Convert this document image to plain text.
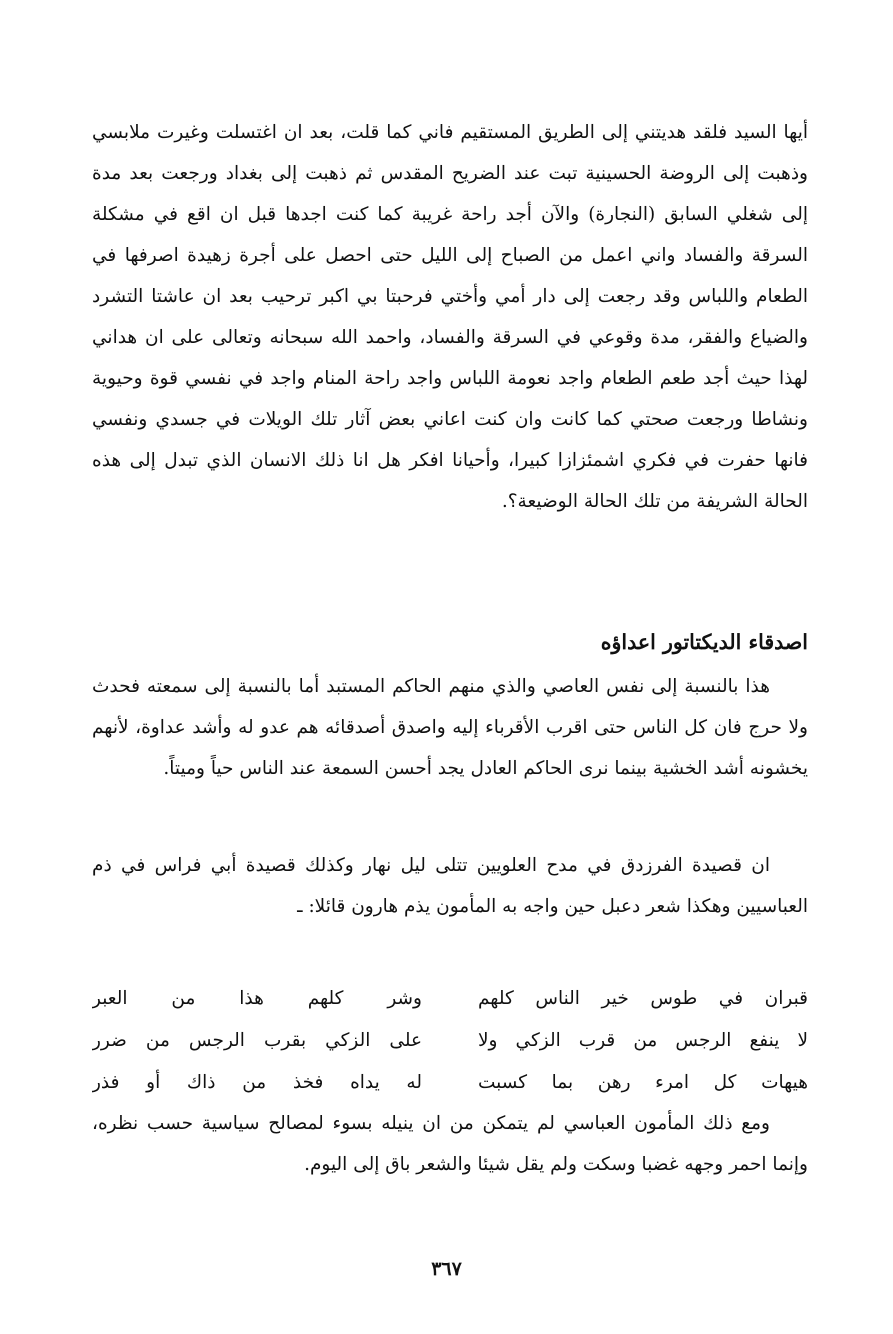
أيها السيد فلقد هديتني إلى الطريق المستقيم فاني كما قلت، بعد ان اغتسلت وغيرت ملابسي وذهبت إلى الروضة الحسينية تبت عند الضريح المقدس ثم ذهبت إلى بغداد ورجعت بعد مدة إلى شغلي السابق (النجارة) والآن أجد راحة غريبة كما كنت اجدها قبل ان اقع في مشكلة السرقة والفساد واني اعمل من الصباح إلى الليل حتى احصل على أجرة زهيدة اصرفها في الطعام واللباس وقد رجعت إلى دار أمي وأختي فرحبتا بي اكبر ترحيب بعد ان عاشتا التشرد والضياع والفقر، مدة وقوعي في السرقة والفساد، واحمد الله سبحانه وتعالى على ان هداني لهذا حيث أجد طعم الطعام واجد نعومة اللباس واجد راحة المنام واجد في نفسي قوة وحيوية ونشاطا ورجعت صحتي كما كانت وان كنت اعاني بعض آثار تلك الويلات في جسدي ونفسي فانها حفرت في فكري اشمئزازا كبيرا، وأحيانا افكر هل انا ذلك الانسان الذي تبدل إلى هذه الحالة الشريفة من تلك الحالة الوضيعة؟.

اصدقاء الديكتاتور اعداؤه

هذا بالنسبة إلى نفس العاصي والذي منهم الحاكم المستبد أما بالنسبة إلى سمعته فحدث ولا حرج فان كل الناس حتى اقرب الأقرباء إليه واصدق أصدقائه هم عدو له وأشد عداوة، لأنهم يخشونه أشد الخشية بينما نرى الحاكم العادل يجد أحسن السمعة عند الناس حياً وميتاً.

ان قصيدة الفرزدق في مدح العلويين تتلى ليل نهار وكذلك قصيدة أبي فراس في ذم العباسيين وهكذا شعر دعبل حين واجه به المأمون يذم هارون قائلا: ـ

قبران في طوس خير الناس كلهم
وشر كلهم هذا من العبر
لا ينفع الرجس من قرب الزكي ولا
على الزكي بقرب الرجس من ضرر
هيهات كل امرء رهن بما كسبت
له يداه فخذ من ذاك أو فذر

ومع ذلك المأمون العباسي لم يتمكن من ان ينيله بسوء لمصالح سياسية حسب نظره، وإنما احمر وجهه غضبا وسكت ولم يقل شيئا والشعر باق إلى اليوم.

٣٦٧
